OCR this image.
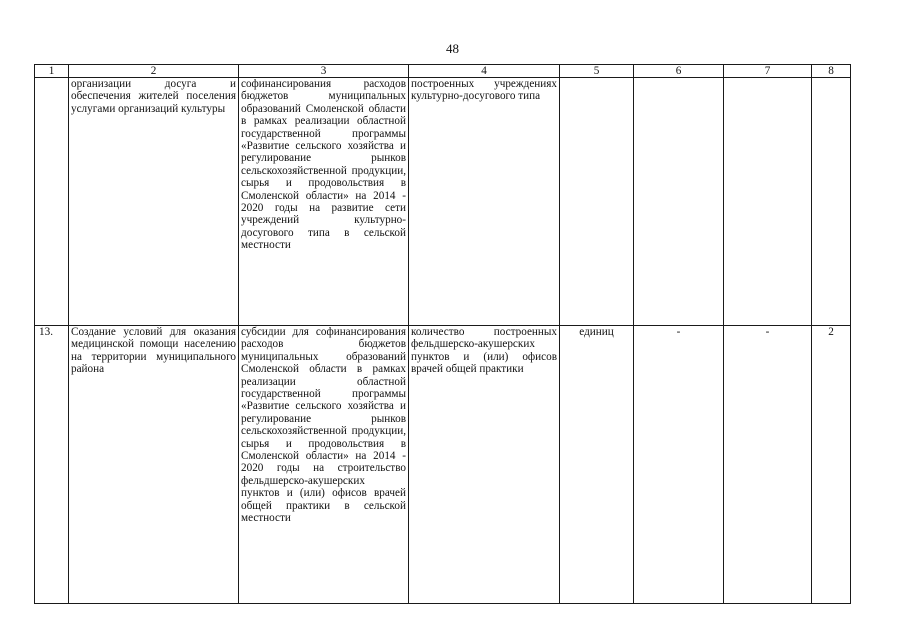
48
1	2	3	4	5	6	7	8

	организации досуга и обеспечения жителей поселения услугами организаций культуры	софинансирования расходов бюджетов муниципальных образований Смоленской области в рамках реализации областной государственной программы «Развитие сельского хозяйства и регулирование рынков сельскохозяйственной продукции, сырья и продовольствия в Смоленской области» на 2014 - 2020 годы на развитие сети учреждений культурно-досугового типа в сельской местности	построенных учреждениях культурно-досугового типа				

13.	Создание условий для оказания медицинской помощи населению на территории муниципального района	субсидии для софинансирования расходов бюджетов муниципальных образований Смоленской области в рамках реализации областной государственной программы «Развитие сельского хозяйства и регулирование рынков сельскохозяйственной продукции, сырья и продовольствия в Смоленской области» на 2014 - 2020 годы на строительство фельдшерско-акушерских пунктов и (или) офисов врачей общей практики в сельской местности	количество построенных фельдшерско-акушерских пунктов и (или) офисов врачей общей практики	единиц	-	-	2
